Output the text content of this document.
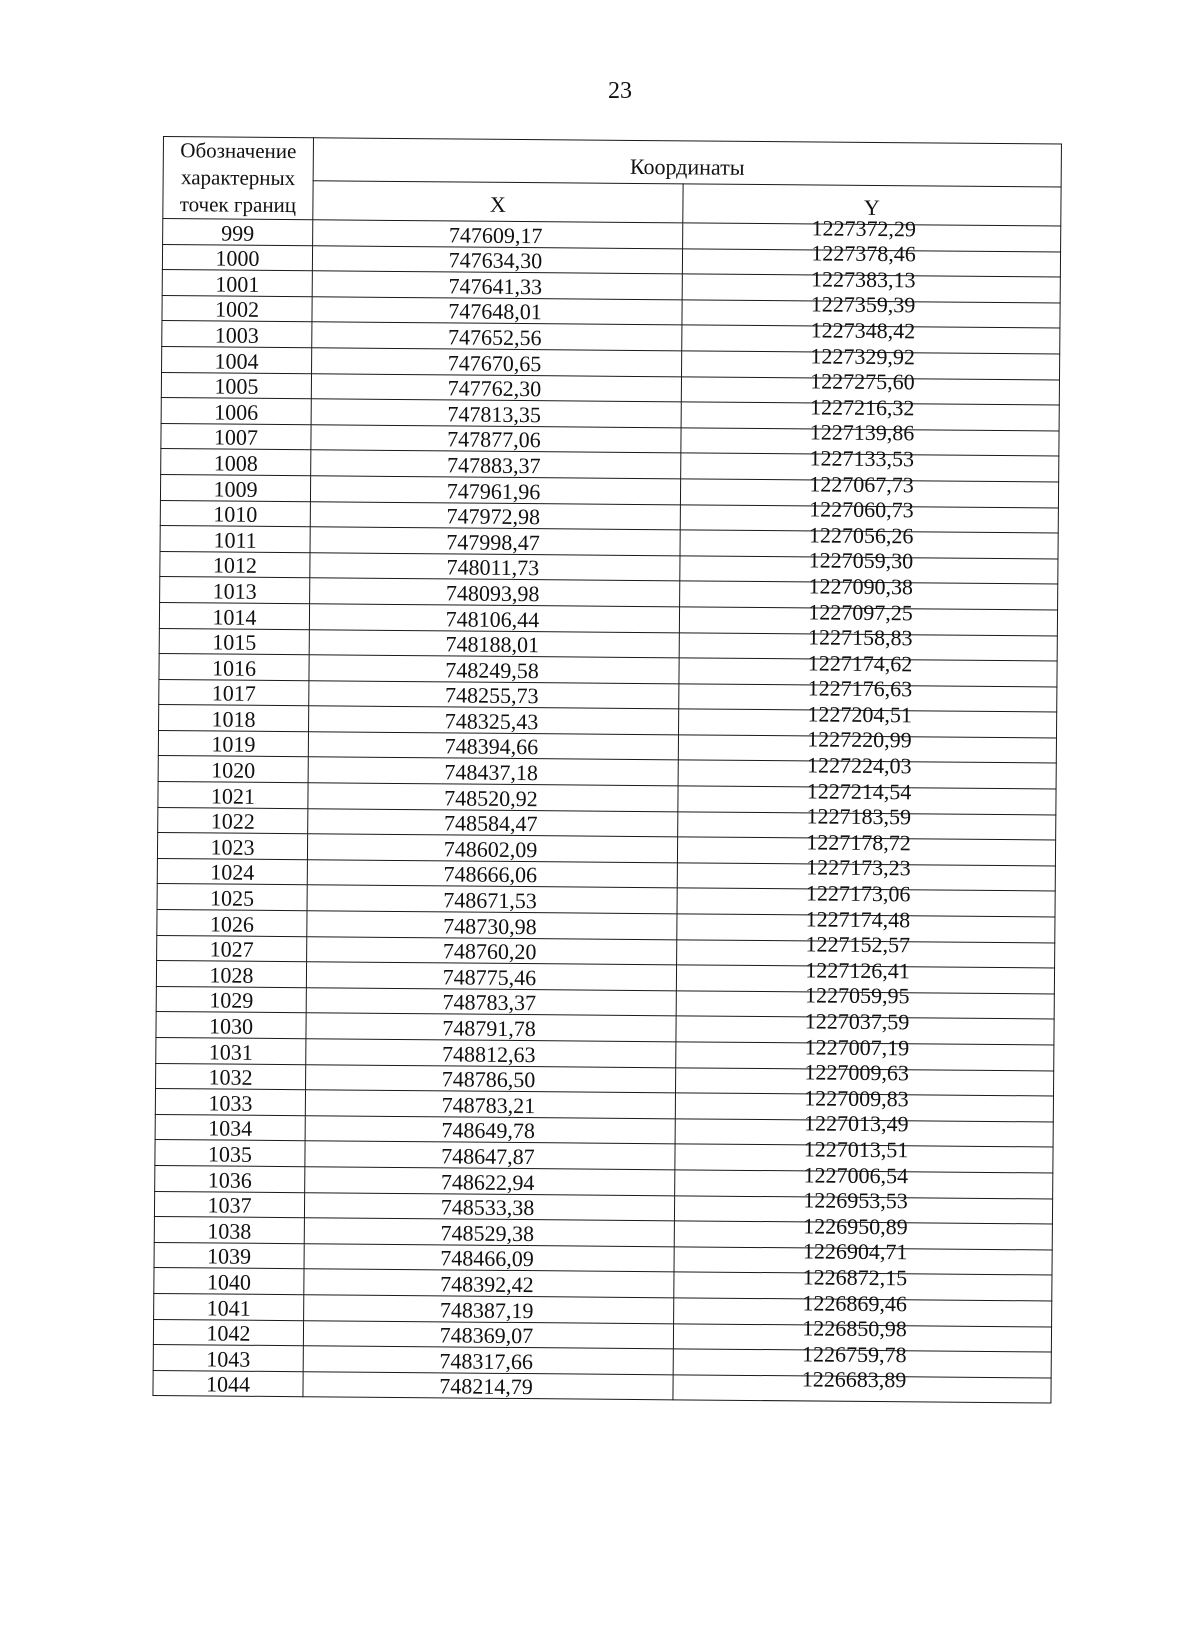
23
Обозначение характерных точек границ	Координаты	
	X	Y
999	747609,17	1227372,29
1000	747634,30	1227378,46
1001	747641,33	1227383,13
1002	747648,01	1227359,39
1003	747652,56	1227348,42
1004	747670,65	1227329,92
1005	747762,30	1227275,60
1006	747813,35	1227216,32
1007	747877,06	1227139,86
1008	747883,37	1227133,53
1009	747961,96	1227067,73
1010	747972,98	1227060,73
1011	747998,47	1227056,26
1012	748011,73	1227059,30
1013	748093,98	1227090,38
1014	748106,44	1227097,25
1015	748188,01	1227158,83
1016	748249,58	1227174,62
1017	748255,73	1227176,63
1018	748325,43	1227204,51
1019	748394,66	1227220,99
1020	748437,18	1227224,03
1021	748520,92	1227214,54
1022	748584,47	1227183,59
1023	748602,09	1227178,72
1024	748666,06	1227173,23
1025	748671,53	1227173,06
1026	748730,98	1227174,48
1027	748760,20	1227152,57
1028	748775,46	1227126,41
1029	748783,37	1227059,95
1030	748791,78	1227037,59
1031	748812,63	1227007,19
1032	748786,50	1227009,63
1033	748783,21	1227009,83
1034	748649,78	1227013,49
1035	748647,87	1227013,51
1036	748622,94	1227006,54
1037	748533,38	1226953,53
1038	748529,38	1226950,89
1039	748466,09	1226904,71
1040	748392,42	1226872,15
1041	748387,19	1226869,46
1042	748369,07	1226850,98
1043	748317,66	1226759,78
1044	748214,79	1226683,89
